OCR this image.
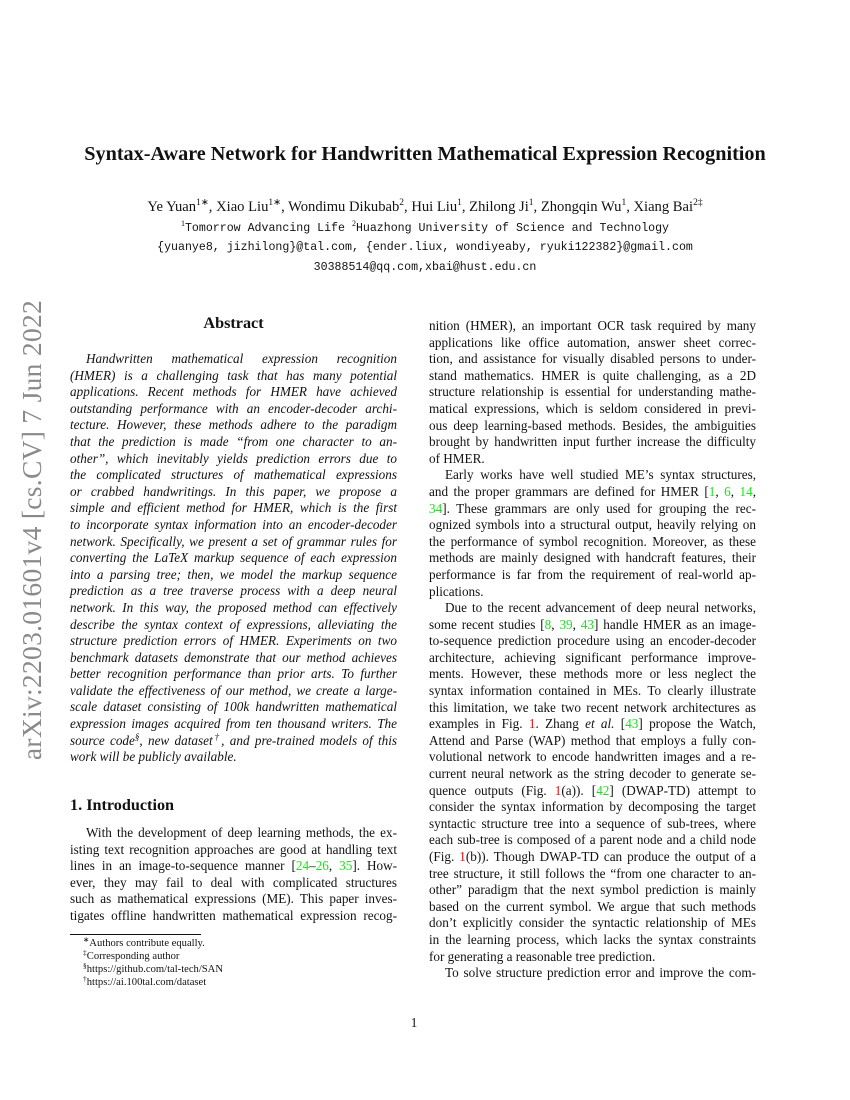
arXiv:2203.01601v4 [cs.CV] 7 Jun 2022
Syntax-Aware Network for Handwritten Mathematical Expression Recognition
Ye Yuan$^{1∗}$, Xiao Liu$^{1∗}$, Wondimu Dikubab$^2$, Hui Liu$^1$, Zhilong Ji$^1$, Zhongqin Wu$^1$, Xiang Bai$^{2\ddagger}$
$^1$Tomorrow Advancing Life $^2$Huazhong University of Science and Technology
{yuanye8, jizhilong}@tal.com, {ender.liux, wondiyeaby, ryuki122382}@gmail.com
30388514@qq.com,xbai@hust.edu.cn
Abstract
Handwritten mathematical expression recognition
(HMER) is a challenging task that has many potential
applications. Recent methods for HMER have achieved
outstanding performance with an encoder-decoder archi-
tecture. However, these methods adhere to the paradigm
that the prediction is made “from one character to an-
other”, which inevitably yields prediction errors due to
the complicated structures of mathematical expressions
or crabbed handwritings. In this paper, we propose a
simple and efficient method for HMER, which is the first
to incorporate syntax information into an encoder-decoder
network. Specifically, we present a set of grammar rules for
converting the LaTeX markup sequence of each expression
into a parsing tree; then, we model the markup sequence
prediction as a tree traverse process with a deep neural
network. In this way, the proposed method can effectively
describe the syntax context of expressions, alleviating the
structure prediction errors of HMER. Experiments on two
benchmark datasets demonstrate that our method achieves
better recognition performance than prior arts. To further
validate the effectiveness of our method, we create a large-
scale dataset consisting of 100k handwritten mathematical
expression images acquired from ten thousand writers. The
source code§, new dataset†, and pre-trained models of this
work will be publicly available.
1. Introduction
With the development of deep learning methods, the ex-
isting text recognition approaches are good at handling text
lines in an image-to-sequence manner [24–26, 35]. How-
ever, they may fail to deal with complicated structures
such as mathematical expressions (ME). This paper inves-
tigates offline handwritten mathematical expression recog-
nition (HMER), an important OCR task required by many
applications like office automation, answer sheet correc-
tion, and assistance for visually disabled persons to under-
stand mathematics. HMER is quite challenging, as a 2D
structure relationship is essential for understanding mathe-
matical expressions, which is seldom considered in previ-
ous deep learning-based methods. Besides, the ambiguities
brought by handwritten input further increase the difficulty
of HMER.
Early works have well studied ME’s syntax structures,
and the proper grammars are defined for HMER [1, 6, 14,
34]. These grammars are only used for grouping the rec-
ognized symbols into a structural output, heavily relying on
the performance of symbol recognition. Moreover, as these
methods are mainly designed with handcraft features, their
performance is far from the requirement of real-world ap-
plications.
Due to the recent advancement of deep neural networks,
some recent studies [8, 39, 43] handle HMER as an image-
to-sequence prediction procedure using an encoder-decoder
architecture, achieving significant performance improve-
ments. However, these methods more or less neglect the
syntax information contained in MEs. To clearly illustrate
this limitation, we take two recent network architectures as
examples in Fig. 1. Zhang et al. [43] propose the Watch,
Attend and Parse (WAP) method that employs a fully con-
volutional network to encode handwritten images and a re-
current neural network as the string decoder to generate se-
quence outputs (Fig. 1(a)). [42] (DWAP-TD) attempt to
consider the syntax information by decomposing the target
syntactic structure tree into a sequence of sub-trees, where
each sub-tree is composed of a parent node and a child node
(Fig. 1(b)). Though DWAP-TD can produce the output of a
tree structure, it still follows the “from one character to an-
other” paradigm that the next symbol prediction is mainly
based on the current symbol. We argue that such methods
don’t explicitly consider the syntactic relationship of MEs
in the learning process, which lacks the syntax constraints
for generating a reasonable tree prediction.
To solve structure prediction error and improve the com-
∗Authors contribute equally.
‡Corresponding author
§https://github.com/tal-tech/SAN
†https://ai.100tal.com/dataset
1
